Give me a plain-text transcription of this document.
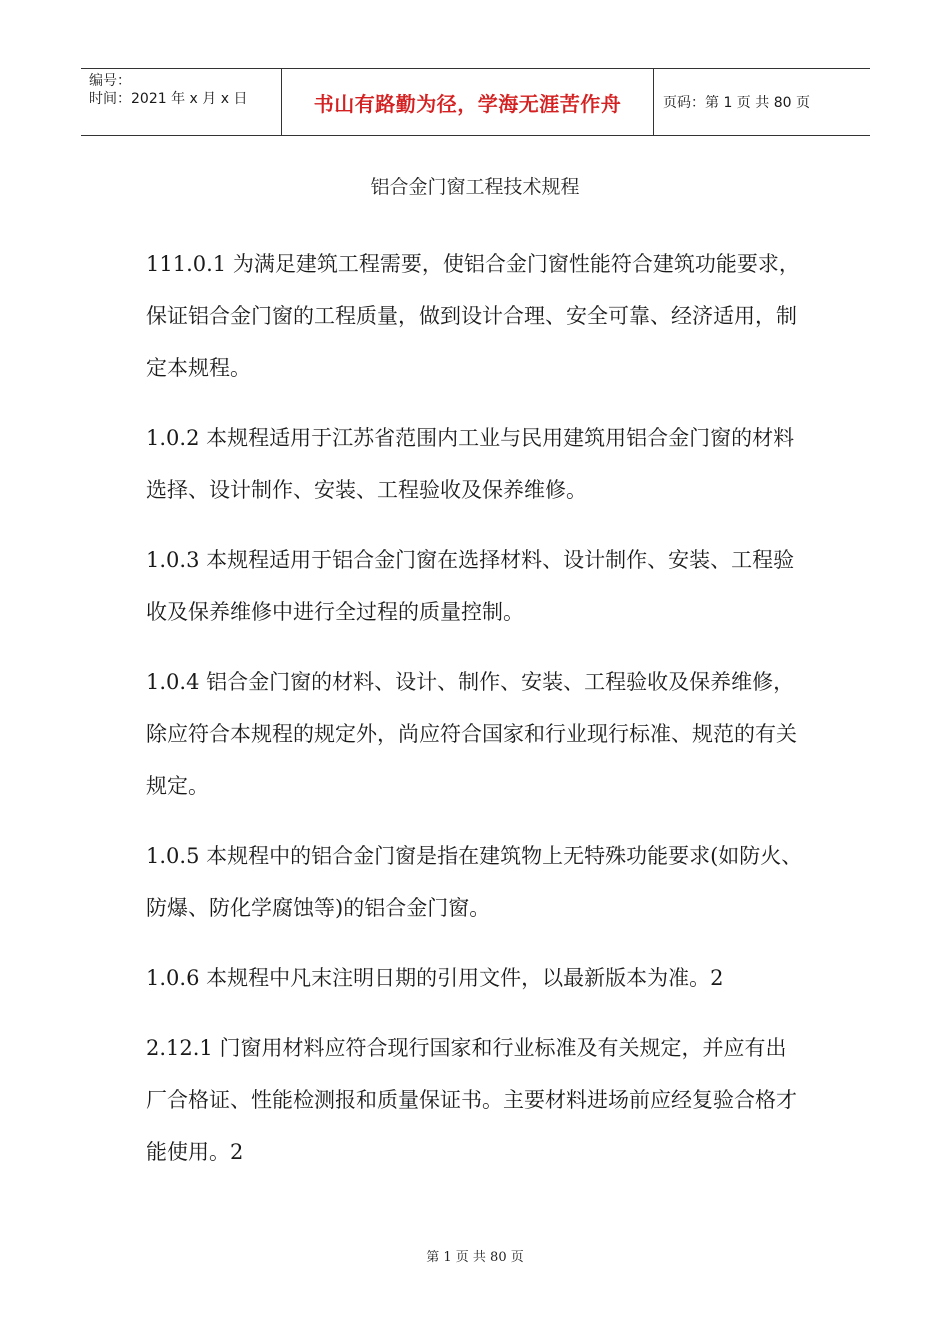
编号：
时间：2021 年 x 月 x 日	书山有路勤为径，学海无涯苦作舟	页码：第 1 页 共 80 页
铝合金门窗工程技术规程

111.0.1 为满足建筑工程需要，使铝合金门窗性能符合建筑功能要求，保证铝合金门窗的工程质量，做到设计合理、安全可靠、经济适用，制定本规程。

1.0.2 本规程适用于江苏省范围内工业与民用建筑用铝合金门窗的材料选择、设计制作、安装、工程验收及保养维修。

1.0.3 本规程适用于铝合金门窗在选择材料、设计制作、安装、工程验收及保养维修中进行全过程的质量控制。

1.0.4 铝合金门窗的材料、设计、制作、安装、工程验收及保养维修，除应符合本规程的规定外，尚应符合国家和行业现行标准、规范的有关规定。

1.0.5 本规程中的铝合金门窗是指在建筑物上无特殊功能要求(如防火、防爆、防化学腐蚀等)的铝合金门窗。

1.0.6 本规程中凡末注明日期的引用文件，以最新版本为准。2

2.12.1 门窗用材料应符合现行国家和行业标准及有关规定，并应有出厂合格证、性能检测报和质量保证书。主要材料进场前应经复验合格才能使用。2

第 1 页 共 80 页
